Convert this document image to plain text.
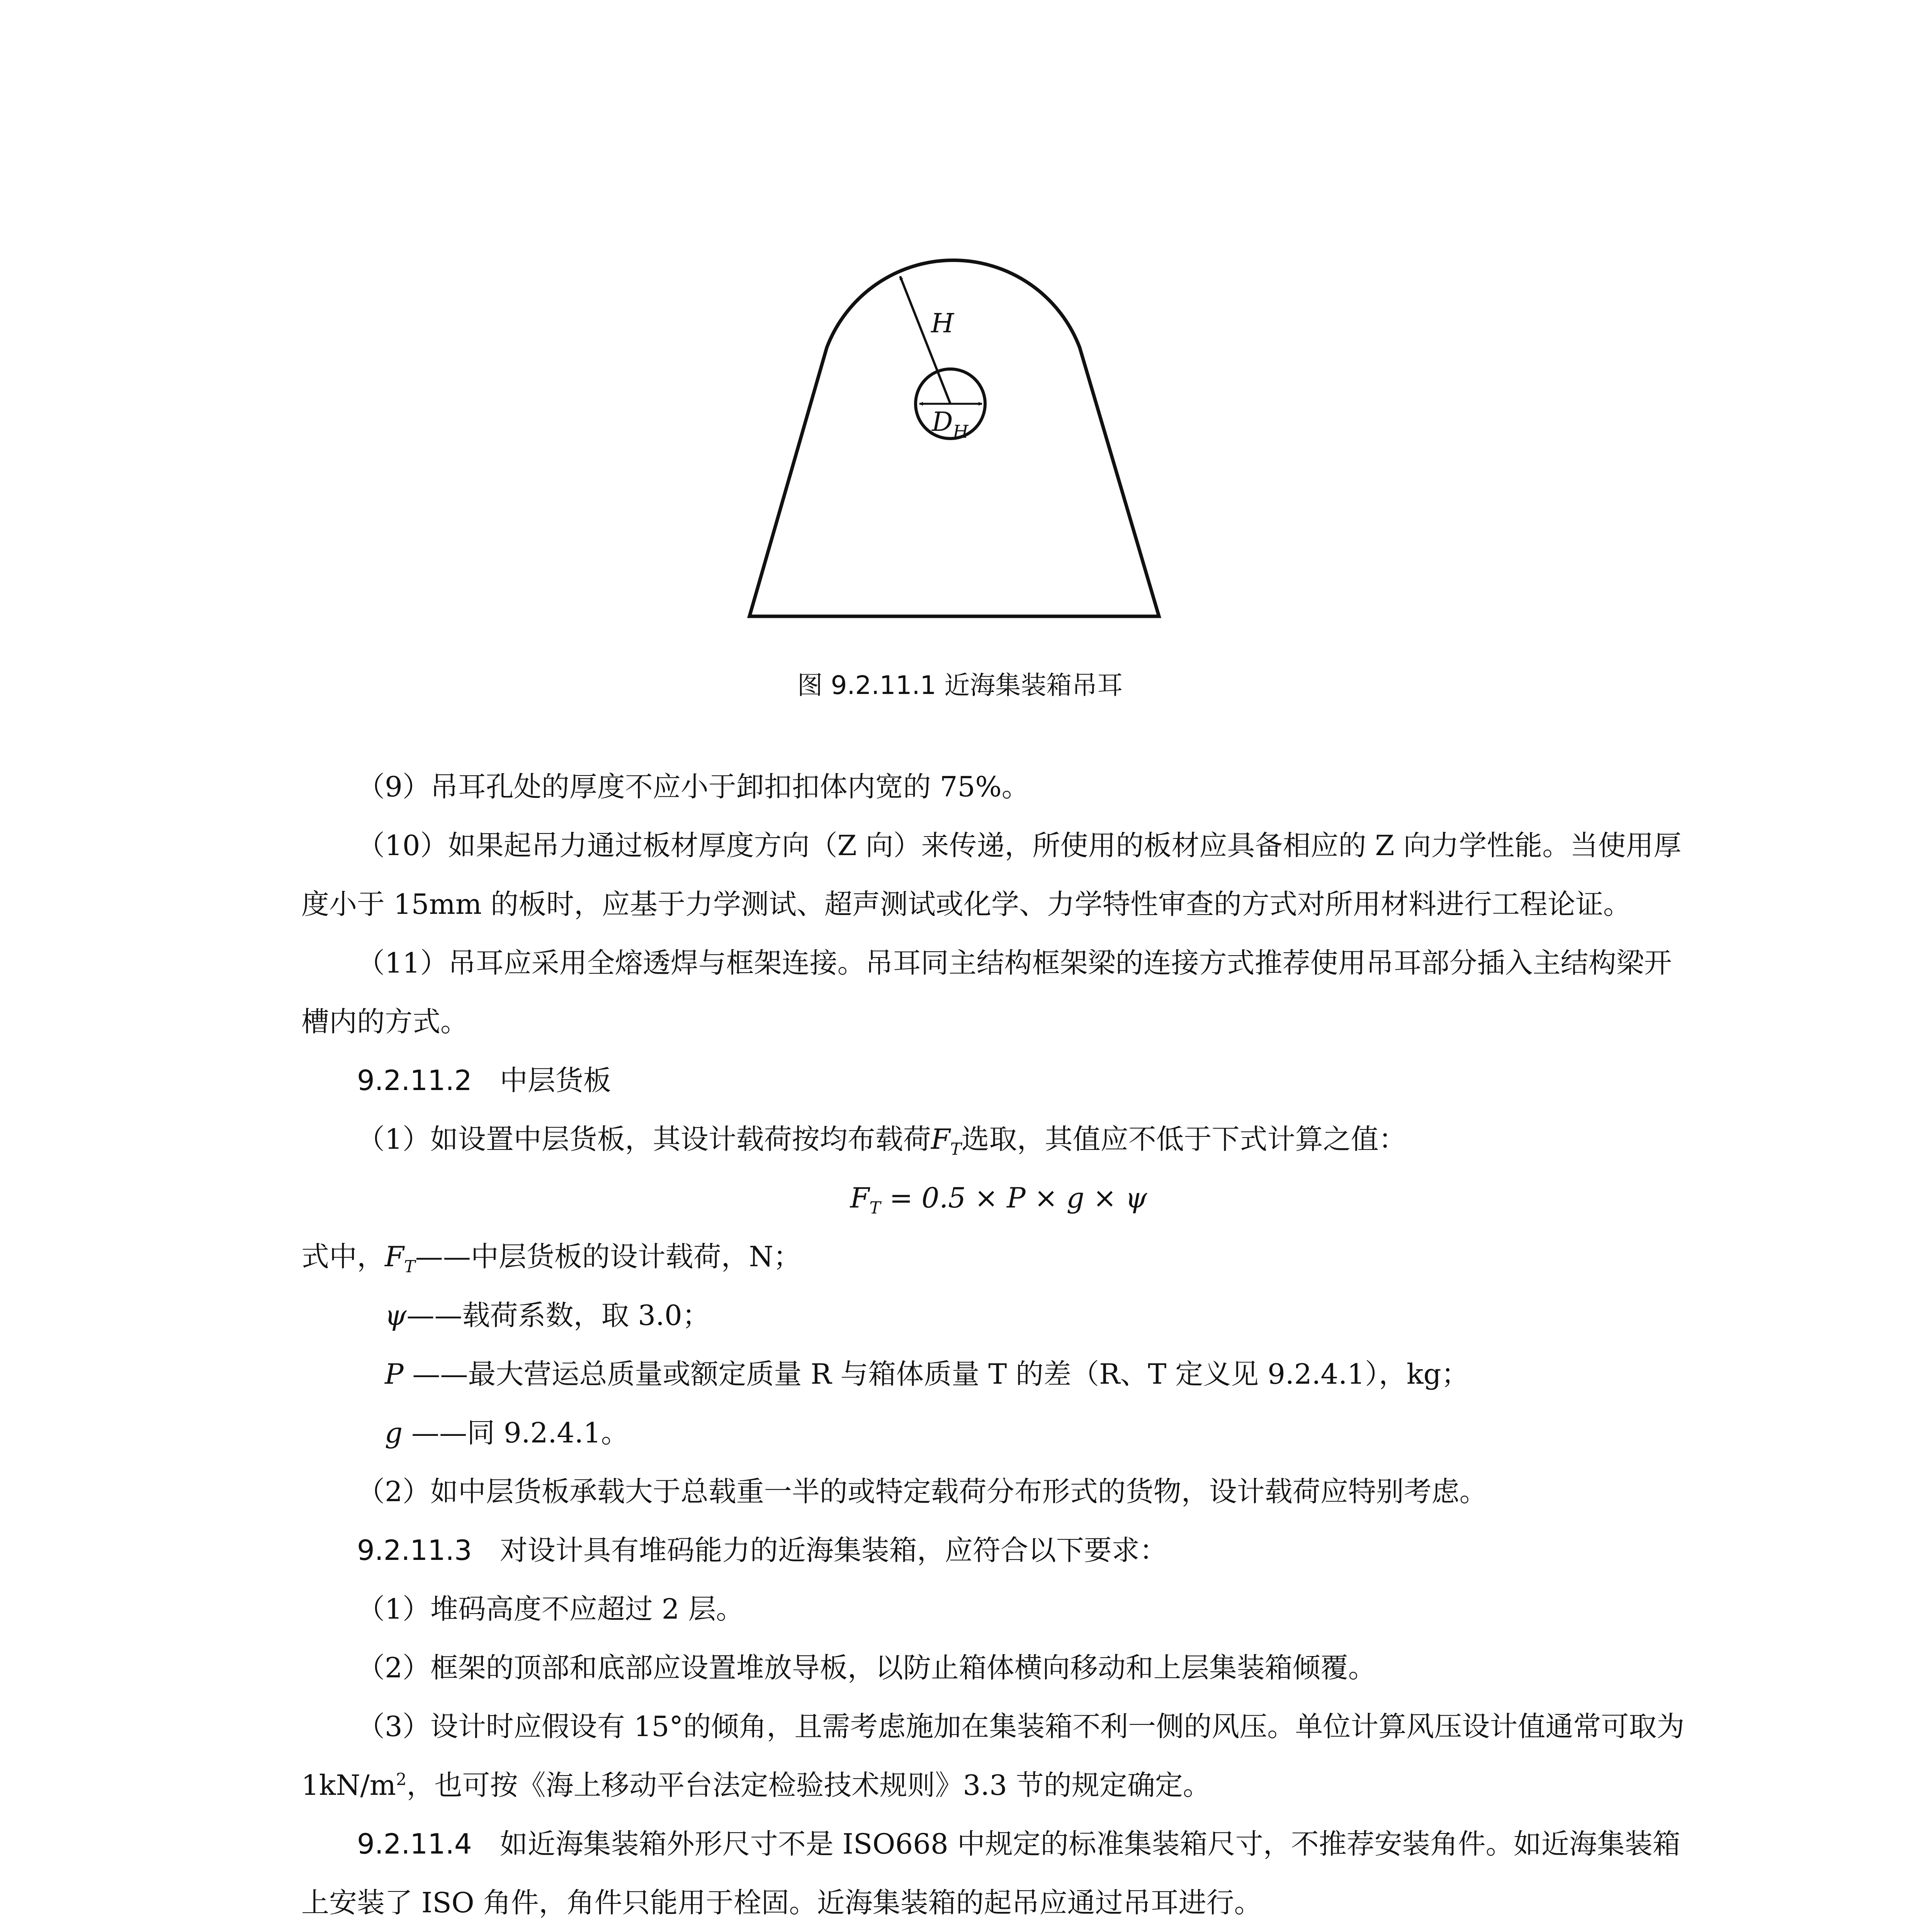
H
$D_H$
图 9.2.11.1 近海集装箱吊耳

（9）吊耳孔处的厚度不应小于卸扣扣体内宽的 75%。

（10）如果起吊力通过板材厚度方向（Z 向）来传递，所使用的板材应具备相应的 Z 向力学性能。当使用厚度小于 15mm 的板时，应基于力学测试、超声测试或化学、力学特性审查的方式对所用材料进行工程论证。

（11）吊耳应采用全熔透焊与框架连接。吊耳同主结构框架梁的连接方式推荐使用吊耳部分插入主结构梁开槽内的方式。

9.2.11.2　 中层货板

（1）如设置中层货板，其设计载荷按均布载荷$F_T$选取，其值应不低于下式计算之值：

$F_T = 0.5 \times P \times g \times \psi$

式中，$F_T——$中层货板的设计载荷，N；

ψ——载荷系数，取 3.0；

P ——最大营运总质量或额定质量 R 与箱体质量 T 的差（R、T 定义见 9.2.4.1），kg；

g ——同 9.2.4.1。

（2）如中层货板承载大于总载重一半的或特定载荷分布形式的货物，设计载荷应特别考虑。

9.2.11.3　 对设计具有堆码能力的近海集装箱，应符合以下要求：

（1）堆码高度不应超过 2 层。

（2）框架的顶部和底部应设置堆放导板，以防止箱体横向移动和上层集装箱倾覆。

（3）设计时应假设有 15°的倾角，且需考虑施加在集装箱不利一侧的风压。单位计算风压设计值通常可取为 $1kN/m^2$，也可按《海上移动平台法定检验技术规则》3.3 节的规定确定。

9.2.11.4　 如近海集装箱外形尺寸不是 ISO668 中规定的标准集装箱尺寸，不推荐安装角件。如近海集装箱上安装了 ISO 角件，角件只能用于栓固。近海集装箱的起吊应通过吊耳进行。
